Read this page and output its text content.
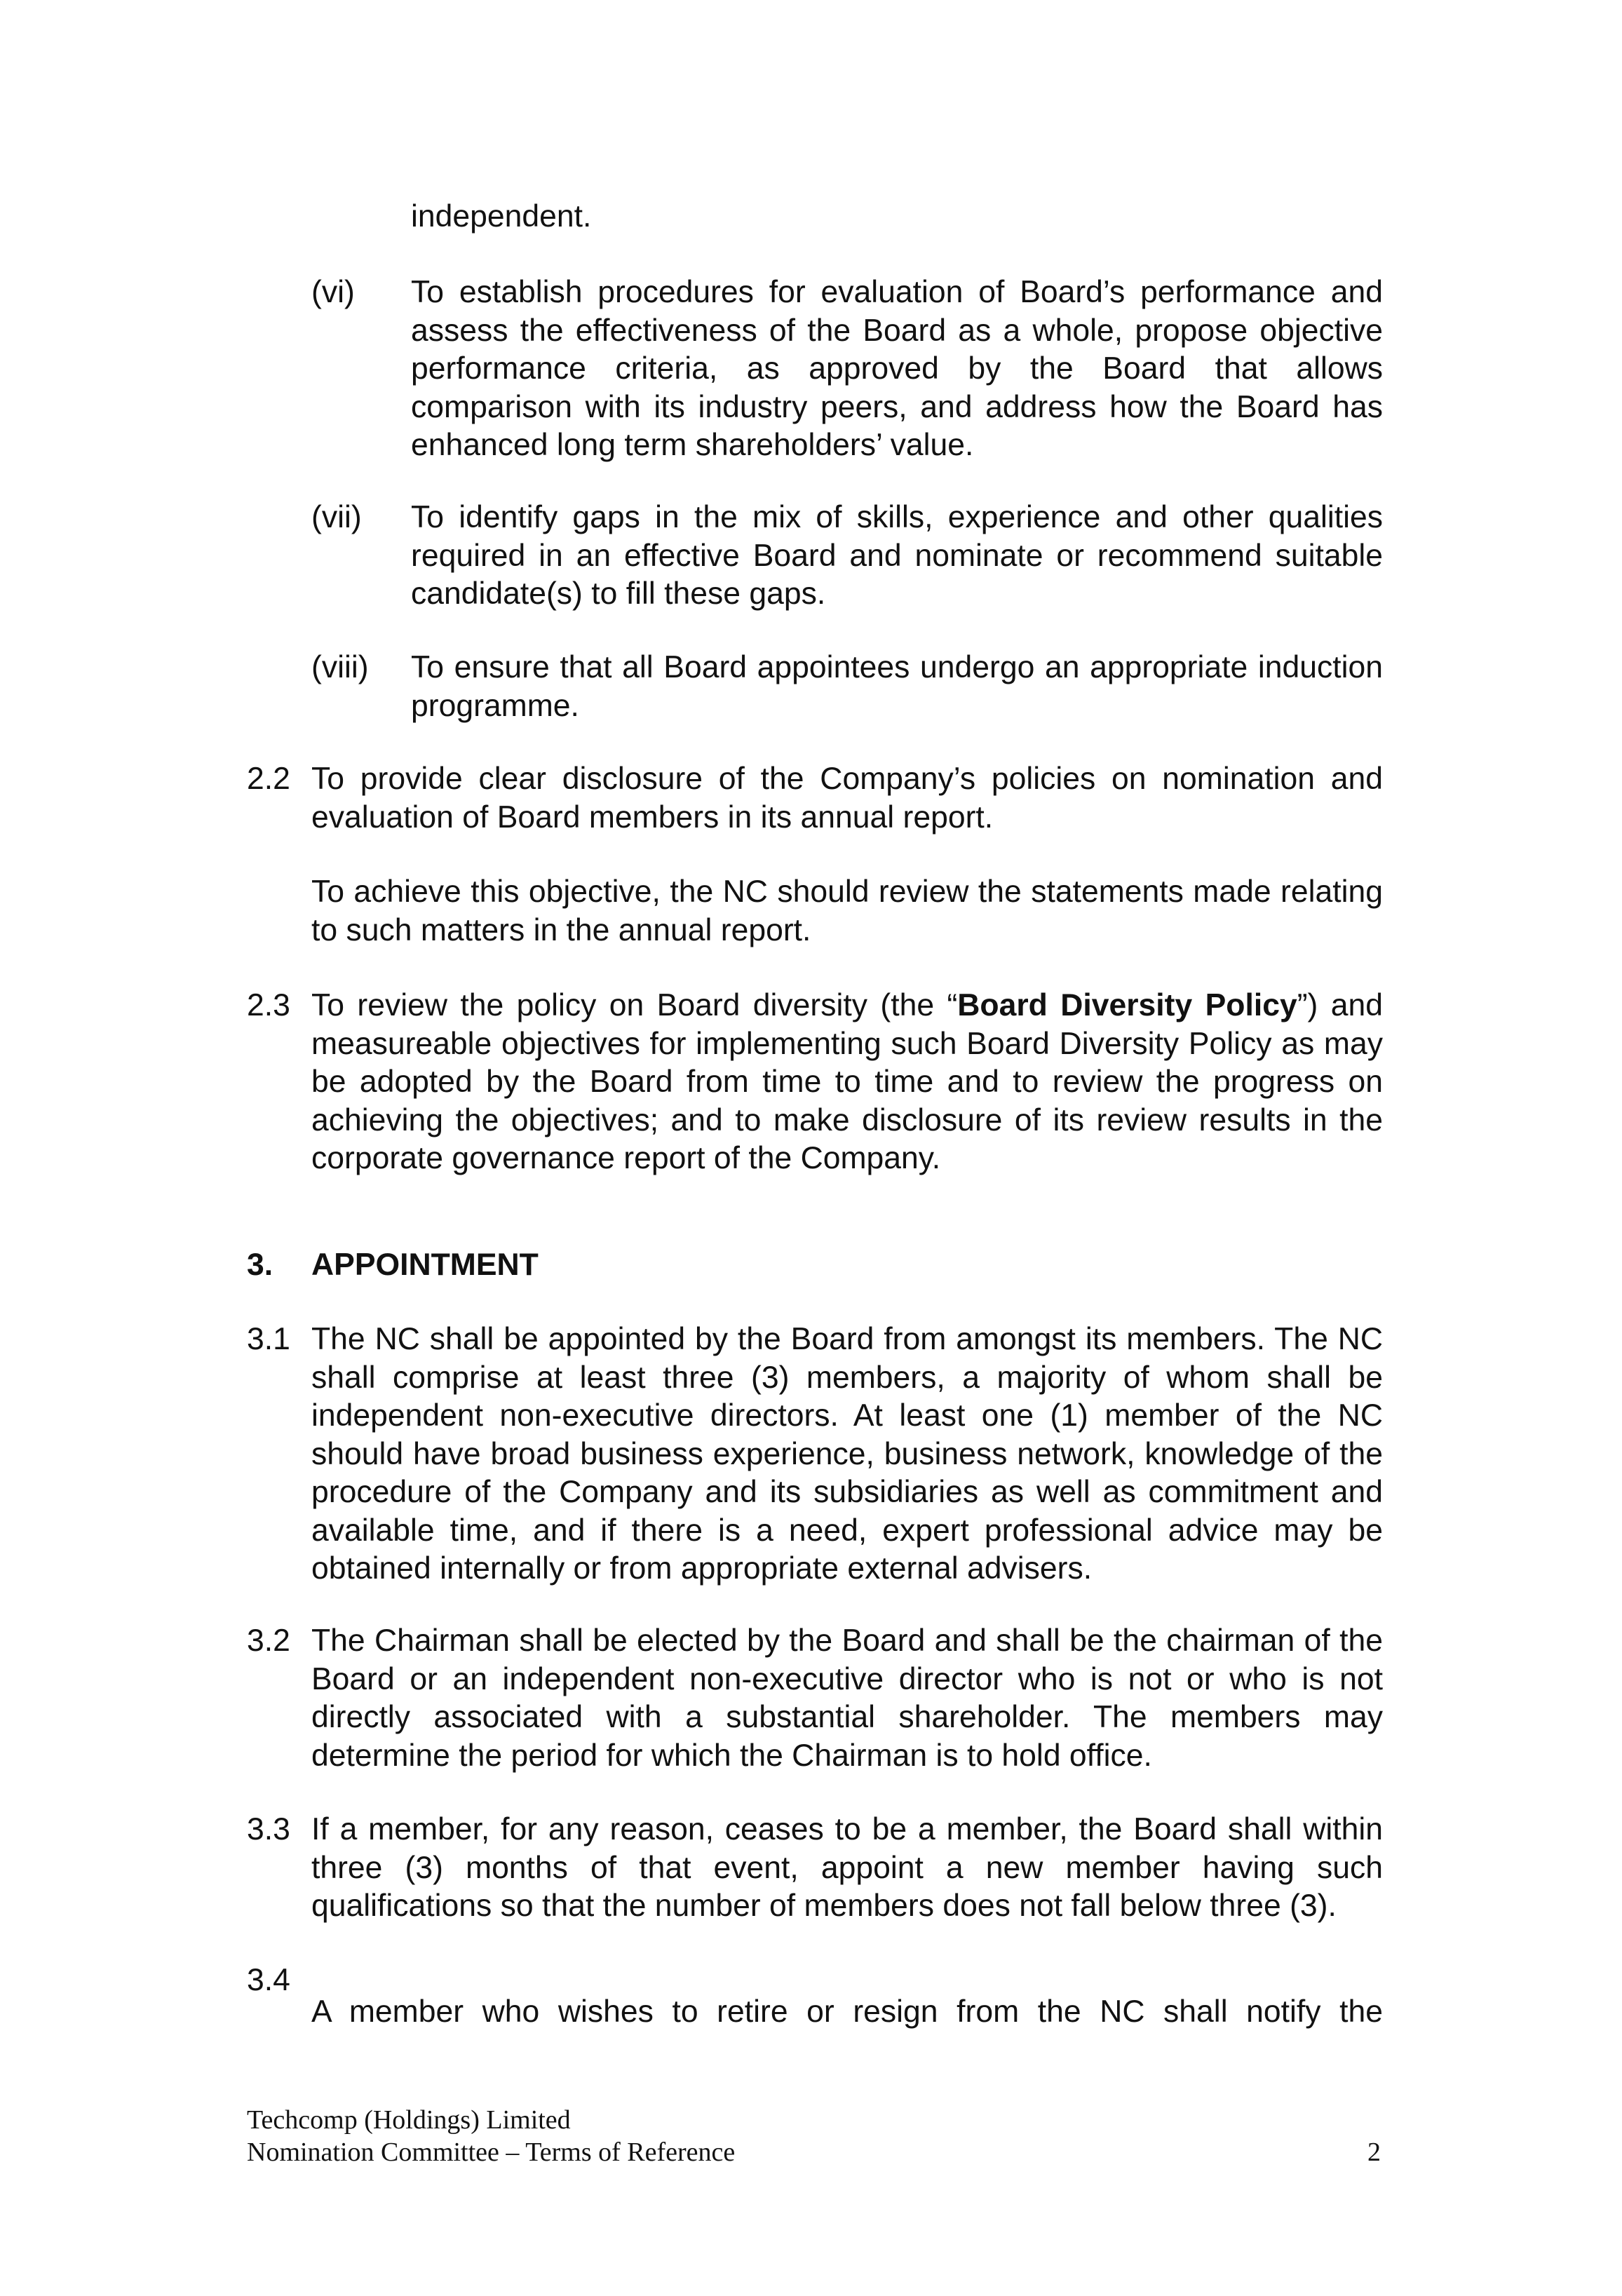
independent.

(vi) To establish procedures for evaluation of Board’s performance and assess the effectiveness of the Board as a whole, propose objective performance criteria, as approved by the Board that allows comparison with its industry peers, and address how the Board has enhanced long term shareholders’ value.

(vii) To identify gaps in the mix of skills, experience and other qualities required in an effective Board and nominate or recommend suitable candidate(s) to fill these gaps.

(viii) To ensure that all Board appointees undergo an appropriate induction programme.

2.2 To provide clear disclosure of the Company’s policies on nomination and evaluation of Board members in its annual report.

To achieve this objective, the NC should review the statements made relating to such matters in the annual report.

2.3 To review the policy on Board diversity (the “Board Diversity Policy”) and measureable objectives for implementing such Board Diversity Policy as may be adopted by the Board from time to time and to review the progress on achieving the objectives; and to make disclosure of its review results in the corporate governance report of the Company.

3. APPOINTMENT
3.1 The NC shall be appointed by the Board from amongst its members. The NC shall comprise at least three (3) members, a majority of whom shall be independent non-executive directors. At least one (1) member of the NC should have broad business experience, business network, knowledge of the procedure of the Company and its subsidiaries as well as commitment and available time, and if there is a need, expert professional advice may be obtained internally or from appropriate external advisers.

3.2 The Chairman shall be elected by the Board and shall be the chairman of the Board or an independent non-executive director who is not or who is not directly associated with a substantial shareholder. The members may determine the period for which the Chairman is to hold office.

3.3 If a member, for any reason, ceases to be a member, the Board shall within three (3) months of that event, appoint a new member having such qualifications so that the number of members does not fall below three (3).

3.4

A member who wishes to retire or resign from the NC shall notify the

Techcomp (Holdings) Limited
Nomination Committee – Terms of Reference	2
